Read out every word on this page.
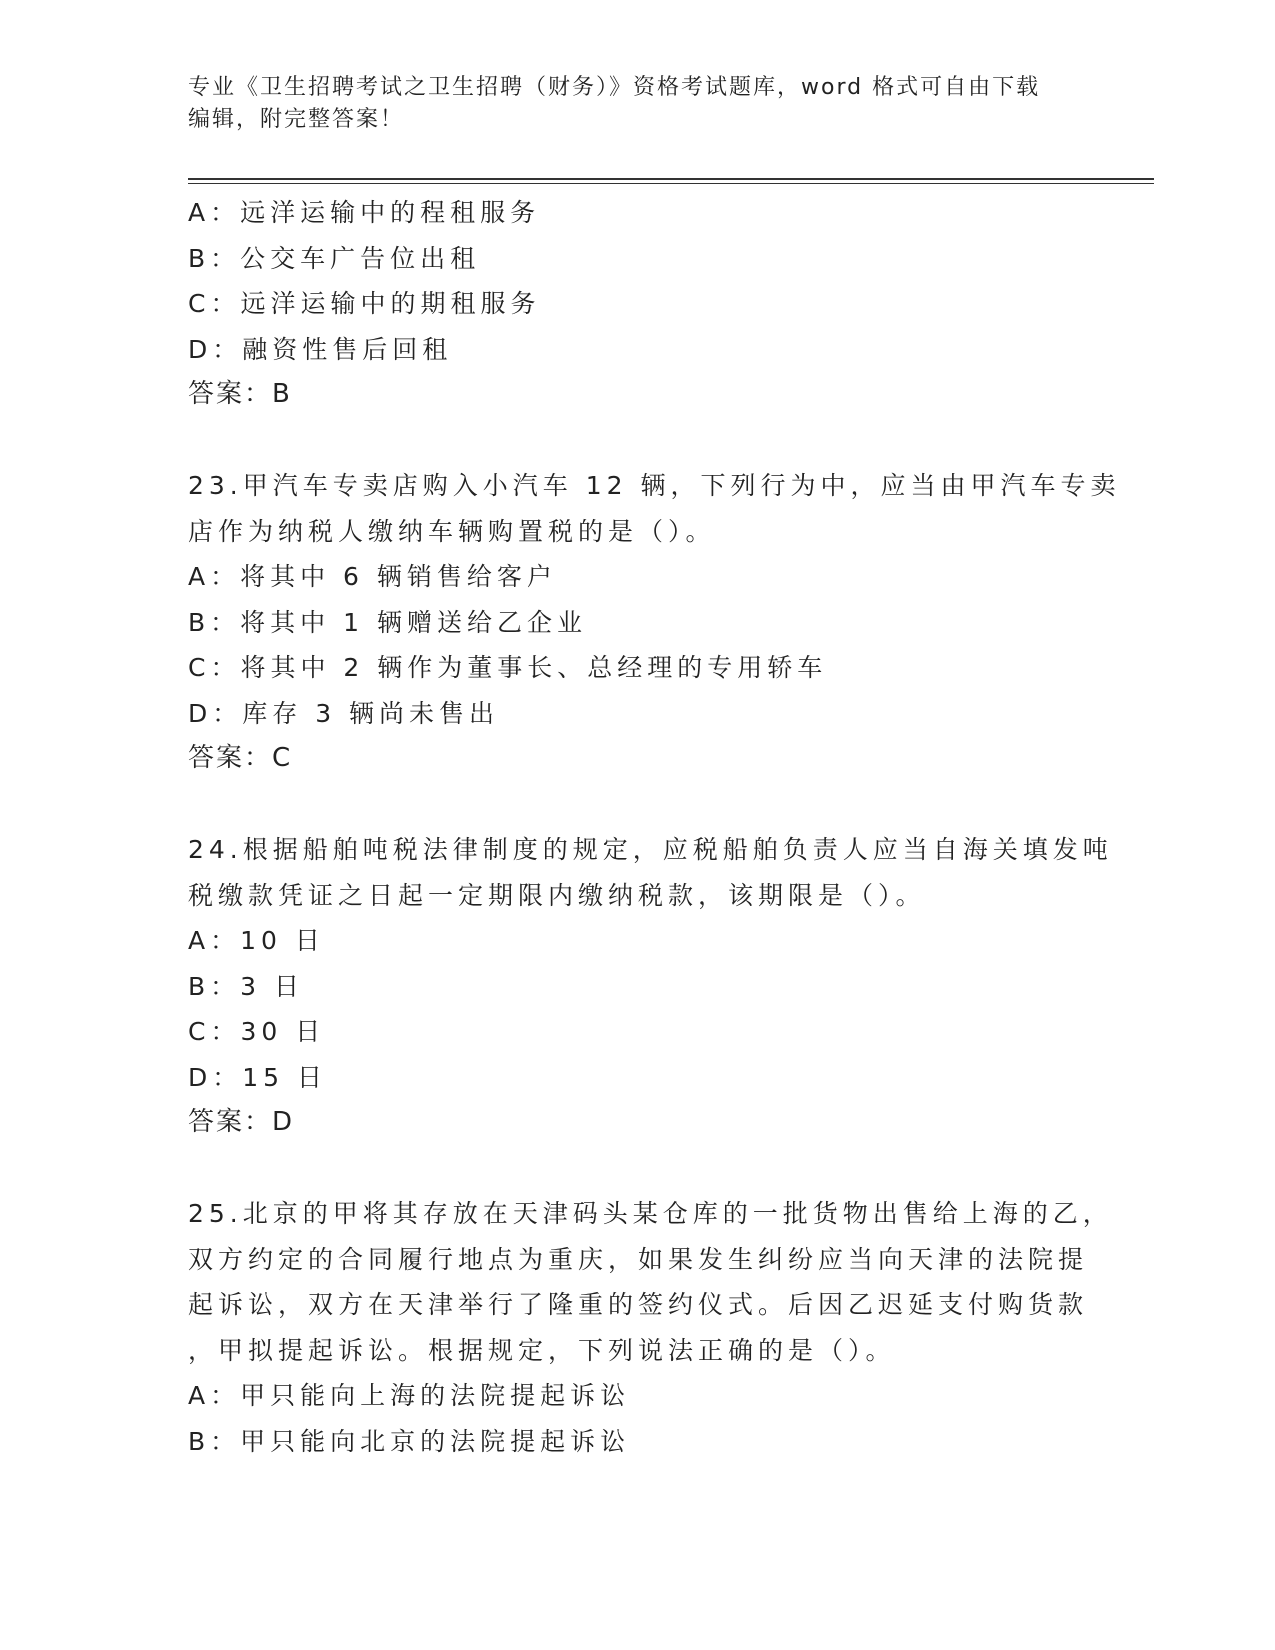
专业《卫生招聘考试之卫生招聘（财务）》资格考试题库，word 格式可自由下载
编辑，附完整答案！
A：远洋运输中的程租服务
B：公交车广告位出租
C：远洋运输中的期租服务
D：融资性售后回租
答案：B
23.甲汽车专卖店购入小汽车 12 辆，下列行为中，应当由甲汽车专卖
店作为纳税人缴纳车辆购置税的是（）。
A：将其中 6 辆销售给客户
B：将其中 1 辆赠送给乙企业
C：将其中 2 辆作为董事长、总经理的专用轿车
D：库存 3 辆尚未售出
答案：C
24.根据船舶吨税法律制度的规定，应税船舶负责人应当自海关填发吨
税缴款凭证之日起一定期限内缴纳税款，该期限是（）。
A：10 日
B：3 日
C：30 日
D：15 日
答案：D
25.北京的甲将其存放在天津码头某仓库的一批货物出售给上海的乙，
双方约定的合同履行地点为重庆，如果发生纠纷应当向天津的法院提
起诉讼，双方在天津举行了隆重的签约仪式。后因乙迟延支付购货款
，甲拟提起诉讼。根据规定，下列说法正确的是（）。
A：甲只能向上海的法院提起诉讼
B：甲只能向北京的法院提起诉讼
